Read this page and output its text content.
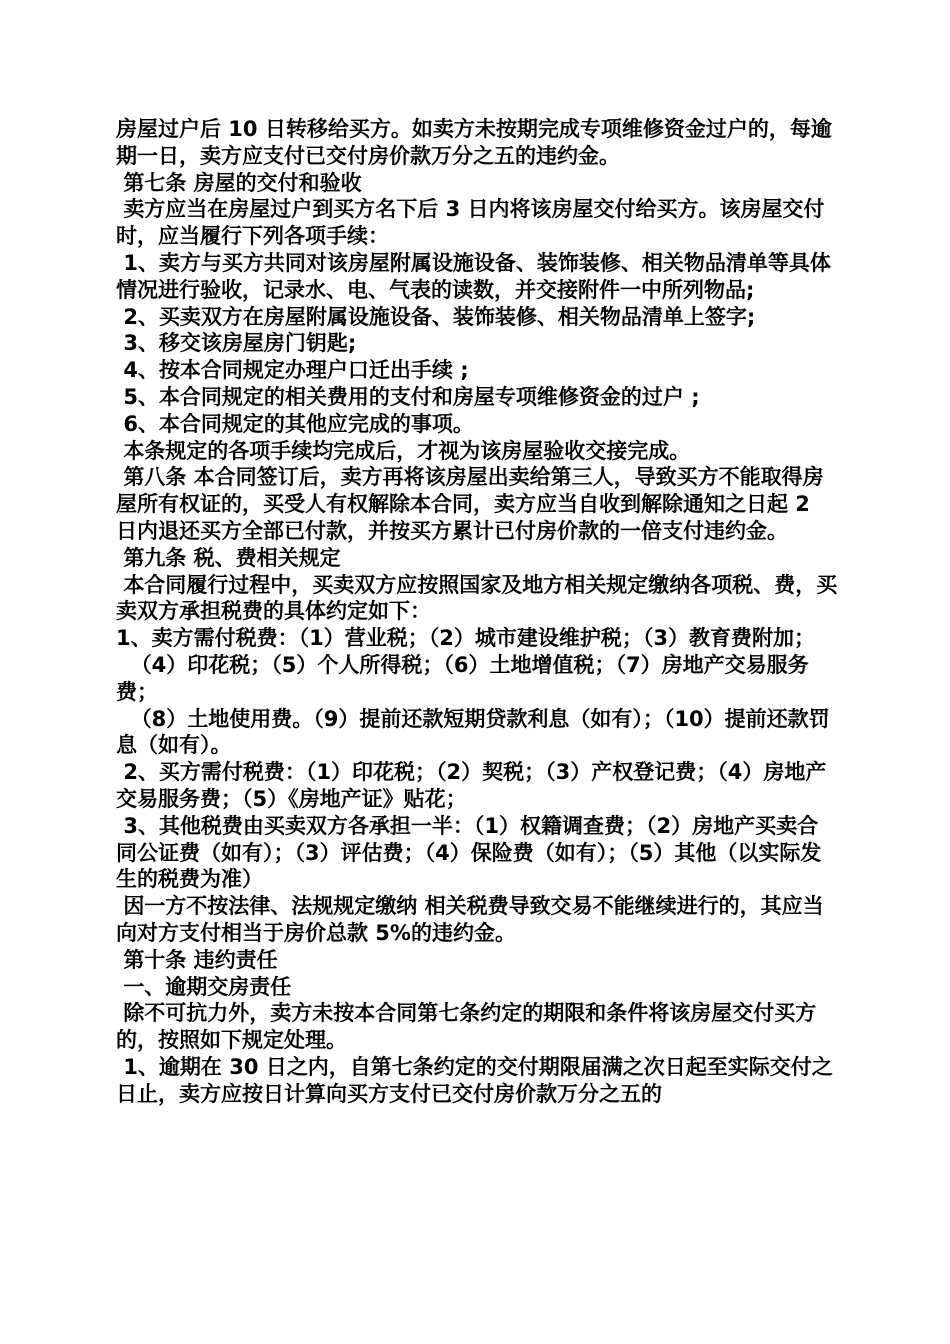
房屋过户后 10 日转移给买方。如卖方未按期完成专项维修资金过户的，每逾期一日，卖方应支付已交付房价款万分之五的违约金。

第七条 房屋的交付和验收

卖方应当在房屋过户到买方名下后 3 日内将该房屋交付给买方。该房屋交付时，应当履行下列各项手续：

1、卖方与买方共同对该房屋附属设施设备、装饰装修、相关物品清单等具体情况进行验收，记录水、电、气表的读数，并交接附件一中所列物品;

2、买卖双方在房屋附属设施设备、装饰装修、相关物品清单上签字;

3、移交该房屋房门钥匙;

4、按本合同规定办理户口迁出手续 ;

5、本合同规定的相关费用的支付和房屋专项维修资金的过户 ;

6、本合同规定的其他应完成的事项。

本条规定的各项手续均完成后，才视为该房屋验收交接完成。

第八条 本合同签订后，卖方再将该房屋出卖给第三人，导致买方不能取得房屋所有权证的，买受人有权解除本合同，卖方应当自收到解除通知之日起 2 日内退还买方全部已付款，并按买方累计已付房价款的一倍支付违约金。

第九条 税、费相关规定

本合同履行过程中，买卖双方应按照国家及地方相关规定缴纳各项税、费，买卖双方承担税费的具体约定如下：

1、卖方需付税费：（1）营业税；（2）城市建设维护税；（3）教育费附加；

（4）印花税；（5）个人所得税；（6）土地增值税；（7）房地产交易服务费；

（8）土地使用费。（9）提前还款短期贷款利息（如有）；（10）提前还款罚息（如有）。

2、买方需付税费：（1）印花税；（2）契税；（3）产权登记费；（4）房地产交易服务费；（5）《房地产证》贴花；

3、其他税费由买卖双方各承担一半：（1）权籍调查费；（2）房地产买卖合同公证费（如有）；（3）评估费；（4）保险费（如有）；（5）其他（以实际发生的税费为准）

因一方不按法律、法规规定缴纳 相关税费导致交易不能继续进行的，其应当向对方支付相当于房价总款 5%的违约金。

第十条 违约责任

一、逾期交房责任

除不可抗力外，卖方未按本合同第七条约定的期限和条件将该房屋交付买方的，按照如下规定处理。

1、逾期在 30 日之内，自第七条约定的交付期限届满之次日起至实际交付之日止，卖方应按日计算向买方支付已交付房价款万分之五的
